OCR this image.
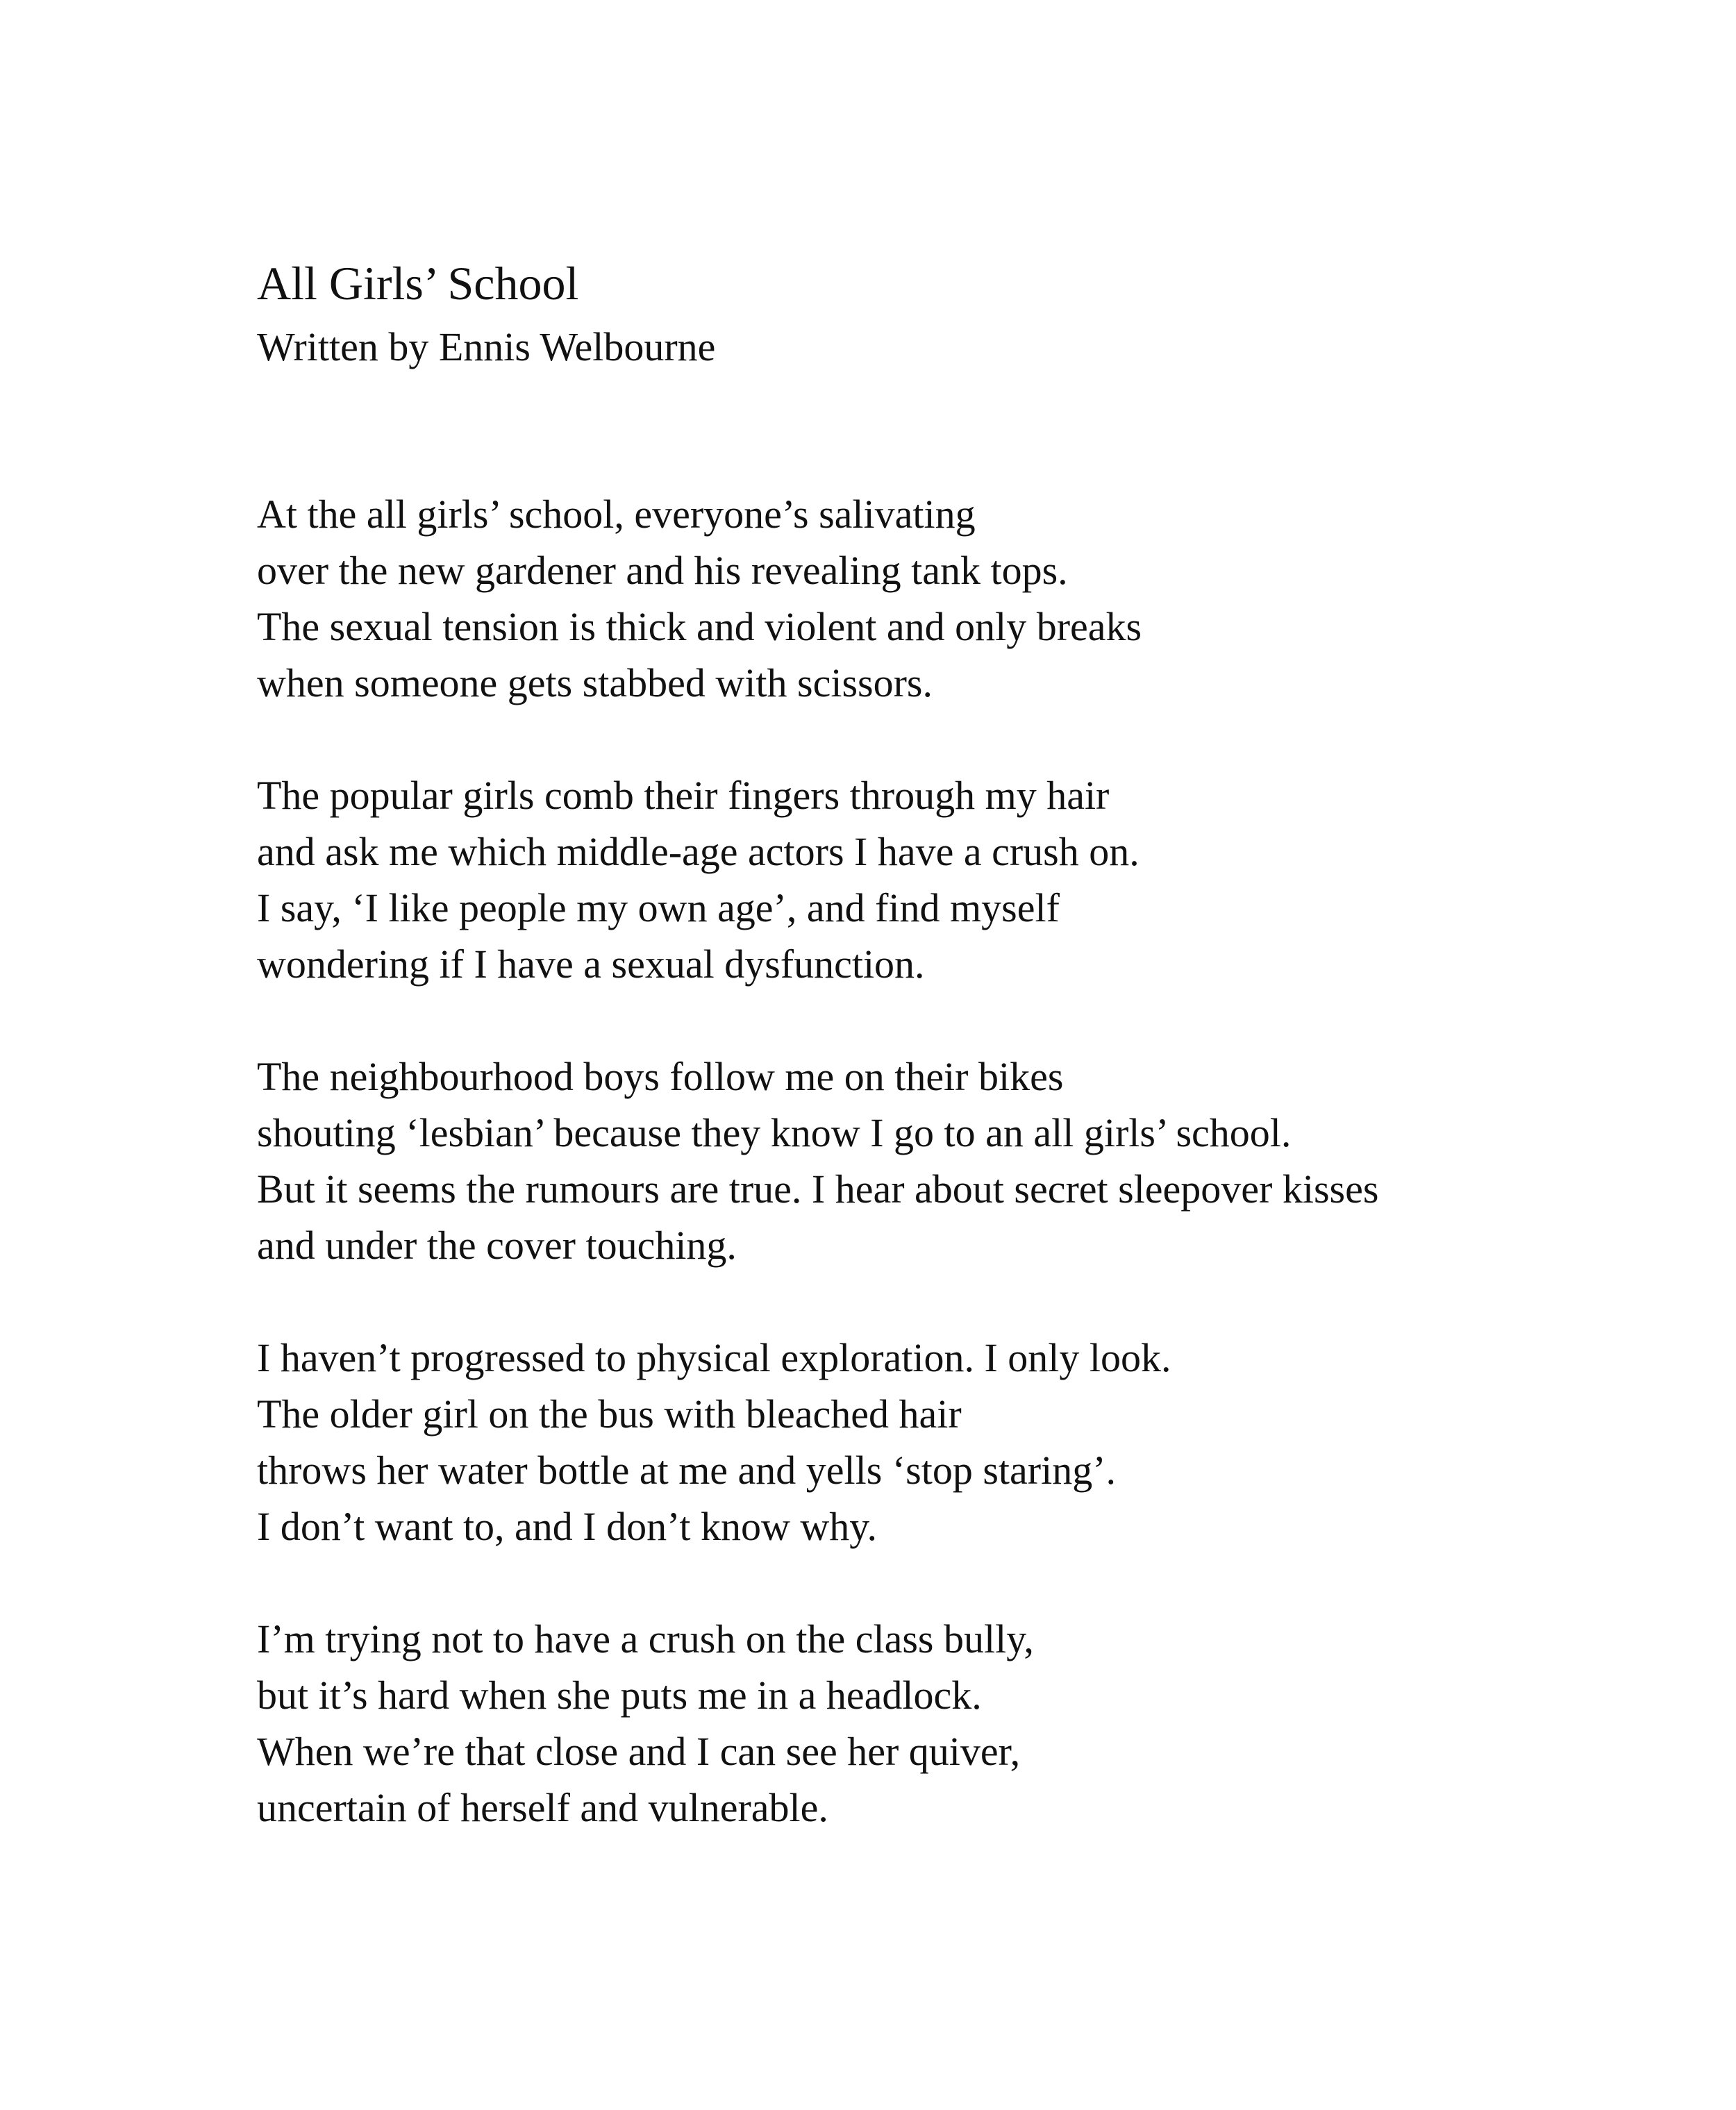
All Girls’ School
Written by Ennis Welbourne
At the all girls’ school, everyone’s salivating
over the new gardener and his revealing tank tops.
The sexual tension is thick and violent and only breaks
when someone gets stabbed with scissors.
The popular girls comb their fingers through my hair
and ask me which middle-age actors I have a crush on.
I say, ‘I like people my own age’, and find myself
wondering if I have a sexual dysfunction.
The neighbourhood boys follow me on their bikes
shouting ‘lesbian’ because they know I go to an all girls’ school.
But it seems the rumours are true. I hear about secret sleepover kisses
and under the cover touching.
I haven’t progressed to physical exploration. I only look.
The older girl on the bus with bleached hair
throws her water bottle at me and yells ‘stop staring’.
I don’t want to, and I don’t know why.
I’m trying not to have a crush on the class bully,
but it’s hard when she puts me in a headlock.
When we’re that close and I can see her quiver,
uncertain of herself and vulnerable.
